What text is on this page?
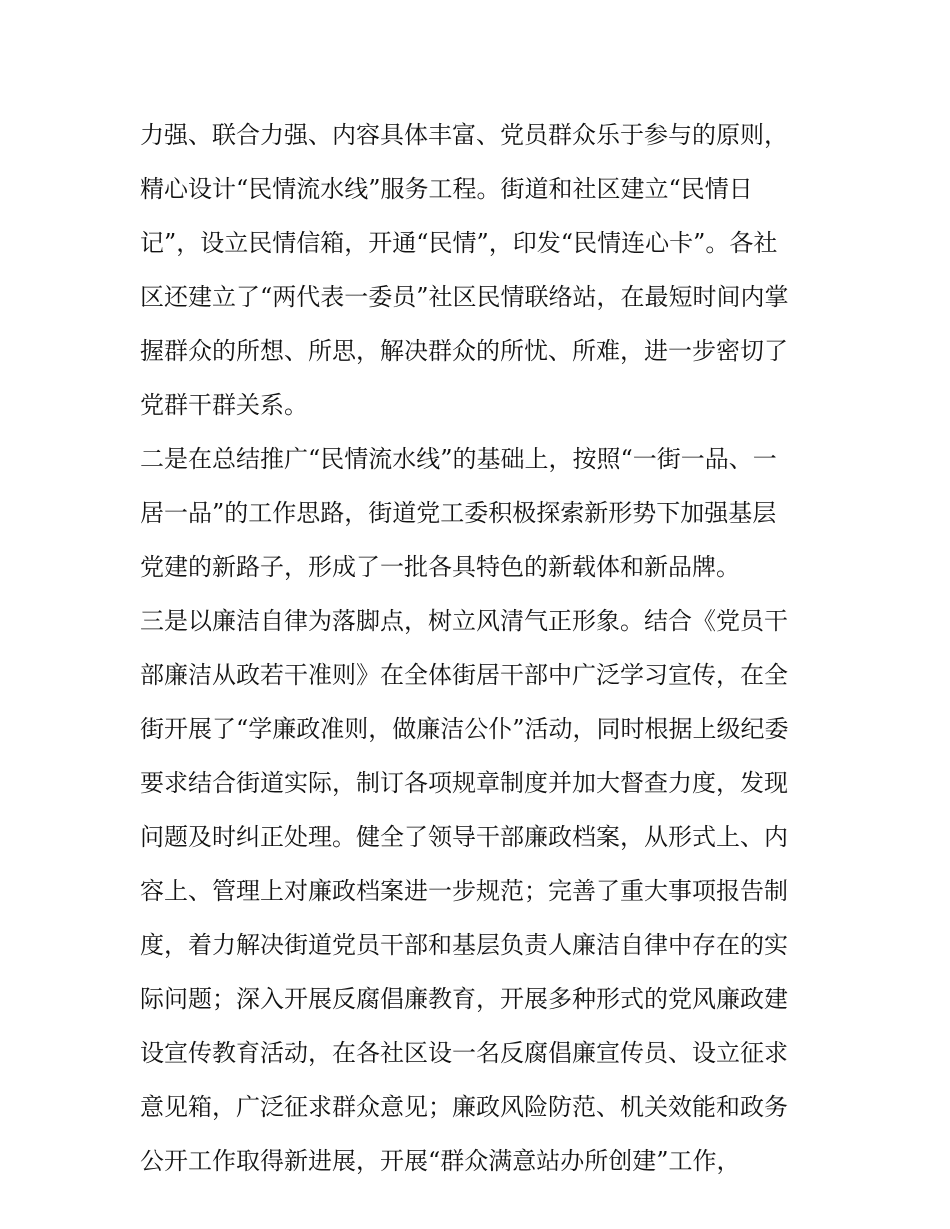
力强、联合力强、内容具体丰富、党员群众乐于参与的原则，
精心设计“民情流水线”服务工程。街道和社区建立“民情日
记”，设立民情信箱，开通“民情”，印发“民情连心卡”。各社
区还建立了“两代表一委员”社区民情联络站，在最短时间内掌
握群众的所想、所思，解决群众的所忧、所难，进一步密切了
党群干群关系。
二是在总结推广“民情流水线”的基础上，按照“一街一品、一
居一品”的工作思路，街道党工委积极探索新形势下加强基层
党建的新路子，形成了一批各具特色的新载体和新品牌。
三是以廉洁自律为落脚点，树立风清气正形象。结合《党员干
部廉洁从政若干准则》在全体街居干部中广泛学习宣传，在全
街开展了“学廉政准则，做廉洁公仆”活动，同时根据上级纪委
要求结合街道实际，制订各项规章制度并加大督查力度，发现
问题及时纠正处理。健全了领导干部廉政档案，从形式上、内
容上、管理上对廉政档案进一步规范；完善了重大事项报告制
度，着力解决街道党员干部和基层负责人廉洁自律中存在的实
际问题；深入开展反腐倡廉教育，开展多种形式的党风廉政建
设宣传教育活动，在各社区设一名反腐倡廉宣传员、设立征求
意见箱，广泛征求群众意见；廉政风险防范、机关效能和政务
公开工作取得新进展，开展“群众满意站办所创建”工作，
